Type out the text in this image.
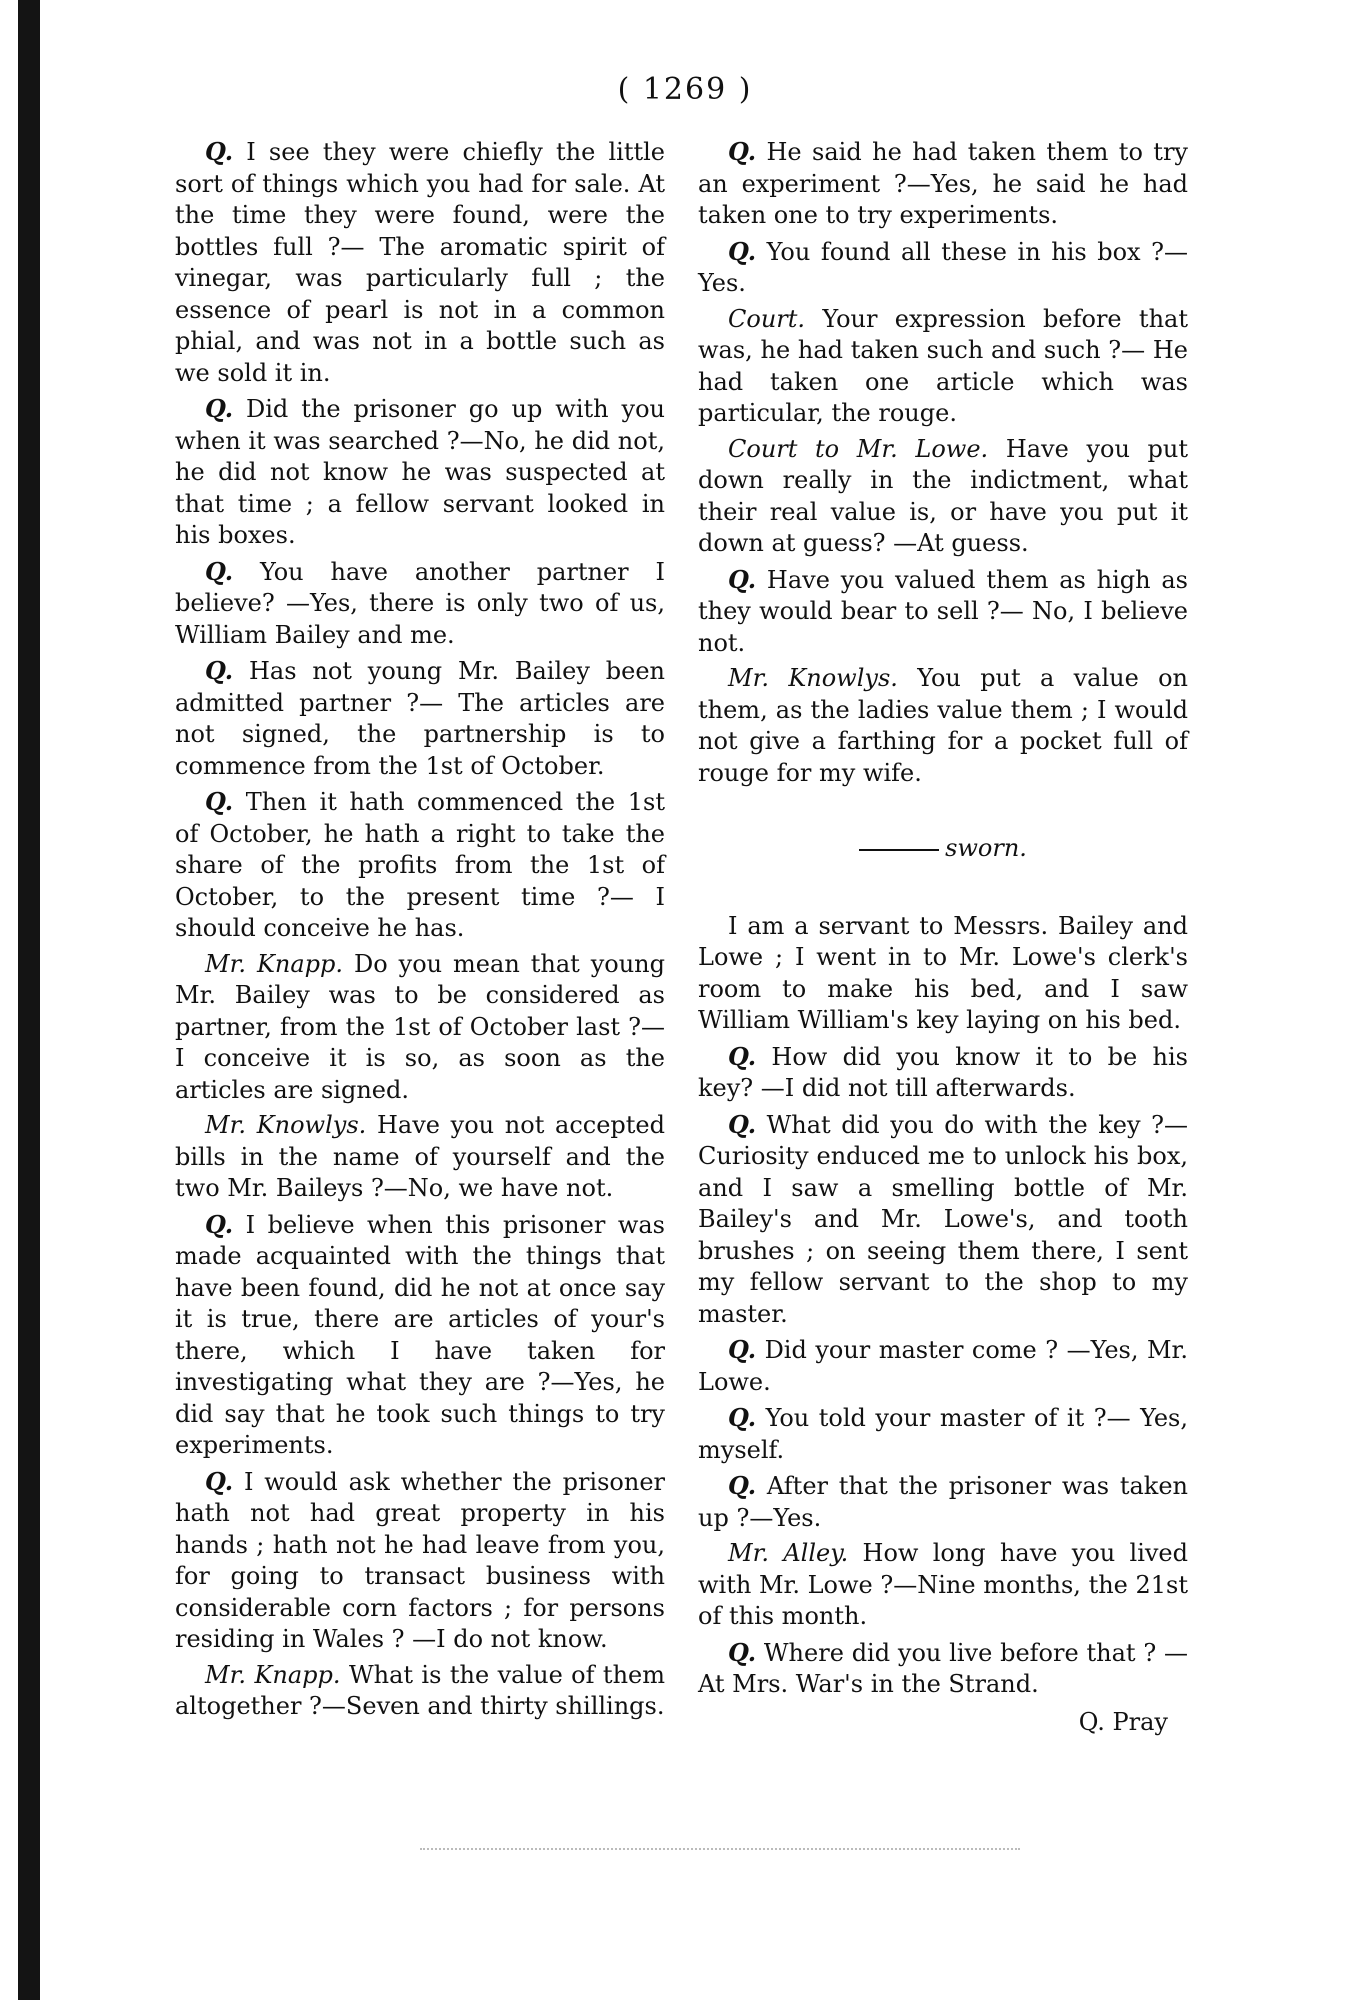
( 1269 )

Q. I see they were chiefly the little sort of things which you had for sale. At the time they were found, were the bottles full ?— The aromatic spirit of vinegar, was particularly full ; the essence of pearl is not in a common phial, and was not in a bottle such as we sold it in.

Q. Did the prisoner go up with you when it was searched ?—No, he did not, he did not know he was suspected at that time ; a fellow servant looked in his boxes.

Q. You have another partner I believe? —Yes, there is only two of us, William Bailey and me.

Q. Has not young Mr. Bailey been admitted partner ?— The articles are not signed, the partnership is to commence from the 1st of October.

Q. Then it hath commenced the 1st of October, he hath a right to take the share of the profits from the 1st of October, to the present time ?— I should conceive he has.

Mr. Knapp. Do you mean that young Mr. Bailey was to be considered as partner, from the 1st of October last ?— I conceive it is so, as soon as the articles are signed.

Mr. Knowlys. Have you not accepted bills in the name of yourself and the two Mr. Baileys ?—No, we have not.

Q. I believe when this prisoner was made acquainted with the things that have been found, did he not at once say it is true, there are articles of your's there, which I have taken for investigating what they are ?—Yes, he did say that he took such things to try experiments.

Q. I would ask whether the prisoner hath not had great property in his hands ; hath not he had leave from you, for going to transact business with considerable corn factors ; for persons residing in Wales ? —I do not know.

Mr. Knapp. What is the value of them altogether ?—Seven and thirty shillings.

Q. He said he had taken them to try an experiment ?—Yes, he said he had taken one to try experiments.

Q. You found all these in his box ?— Yes.

Court. Your expression before that was, he had taken such and such ?— He had taken one article which was particular, the rouge.

Court to Mr. Lowe. Have you put down really in the indictment, what their real value is, or have you put it down at guess? —At guess.

Q. Have you valued them as high as they would bear to sell ?— No, I believe not.

Mr. Knowlys. You put a value on them, as the ladies value them ; I would not give a farthing for a pocket full of rouge for my wife.

sworn.

I am a servant to Messrs. Bailey and Lowe ; I went in to Mr. Lowe's clerk's room to make his bed, and I saw William William's key laying on his bed.

Q. How did you know it to be his key? —I did not till afterwards.

Q. What did you do with the key ?— Curiosity enduced me to unlock his box, and I saw a smelling bottle of Mr. Bailey's and Mr. Lowe's, and tooth brushes ; on seeing them there, I sent my fellow servant to the shop to my master.

Q. Did your master come ? —Yes, Mr. Lowe.

Q. You told your master of it ?— Yes, myself.

Q. After that the prisoner was taken up ?—Yes.

Mr. Alley. How long have you lived with Mr. Lowe ?—Nine months, the 21st of this month.

Q. Where did you live before that ? —At Mrs. War's in the Strand.

Q. Pray
